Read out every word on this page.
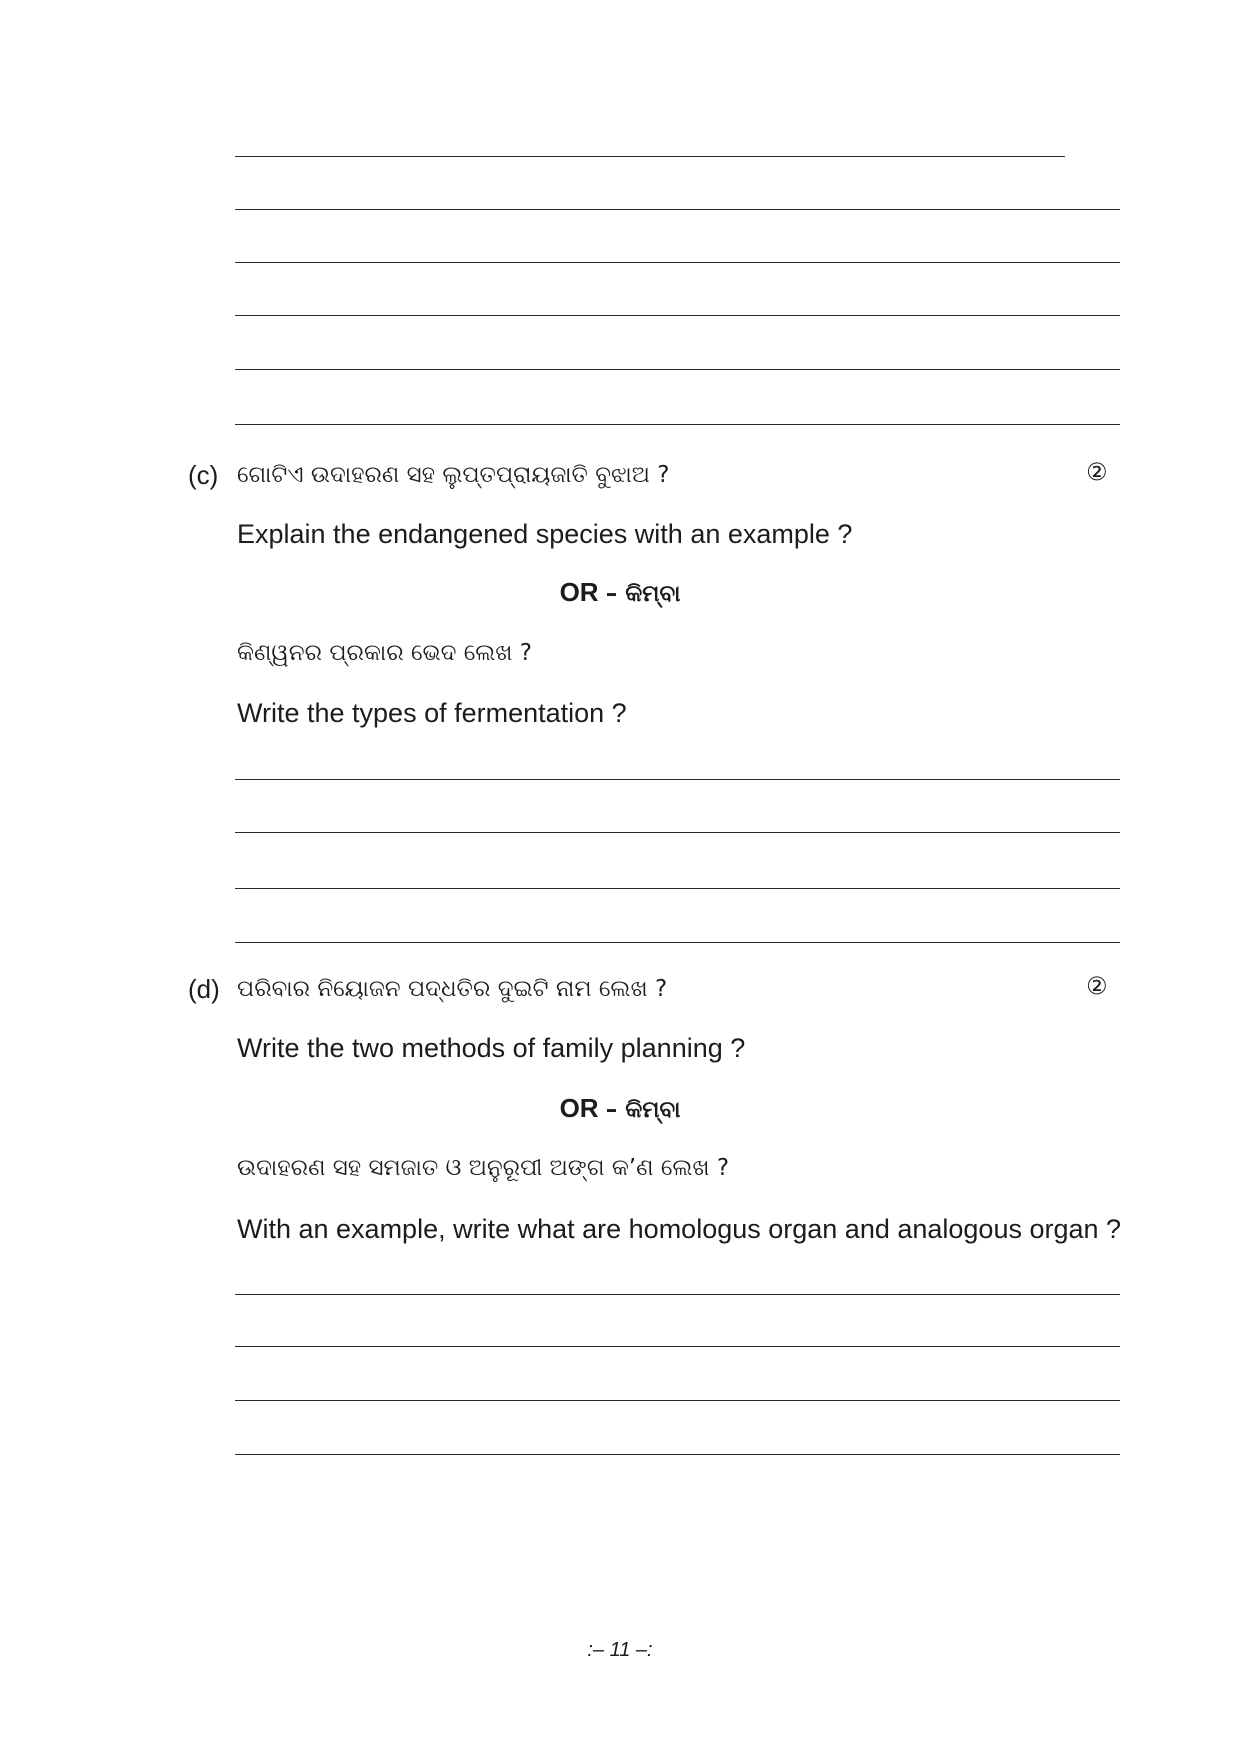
(c) ଗୋଟିଏ ଉଦାହରଣ ସହ ଲୁପ୍ତପ୍ରାୟଜାତି ବୁଝାଅ ?	②
Explain the endangened species with an example ?
OR – କିମ୍ବା
କିଣ୍ୱନର ପ୍ରକାର ଭେଦ ଲେଖ ?
Write the types of fermentation ?
(d) ପରିବାର ନିୟୋଜନ ପଦ୍ଧତିର ଦୁଇଟି ନାମ ଲେଖ ?	②
Write the two methods of family planning ?
OR – କିମ୍ବା
ଉଦାହରଣ ସହ ସମଜାତ ଓ ଅନୁରୂପୀ ଅଙ୍ଗ କ’ଣ ଲେଖ ?
With an example, write what are homologus organ and analogous organ ?
:– 11 –:
